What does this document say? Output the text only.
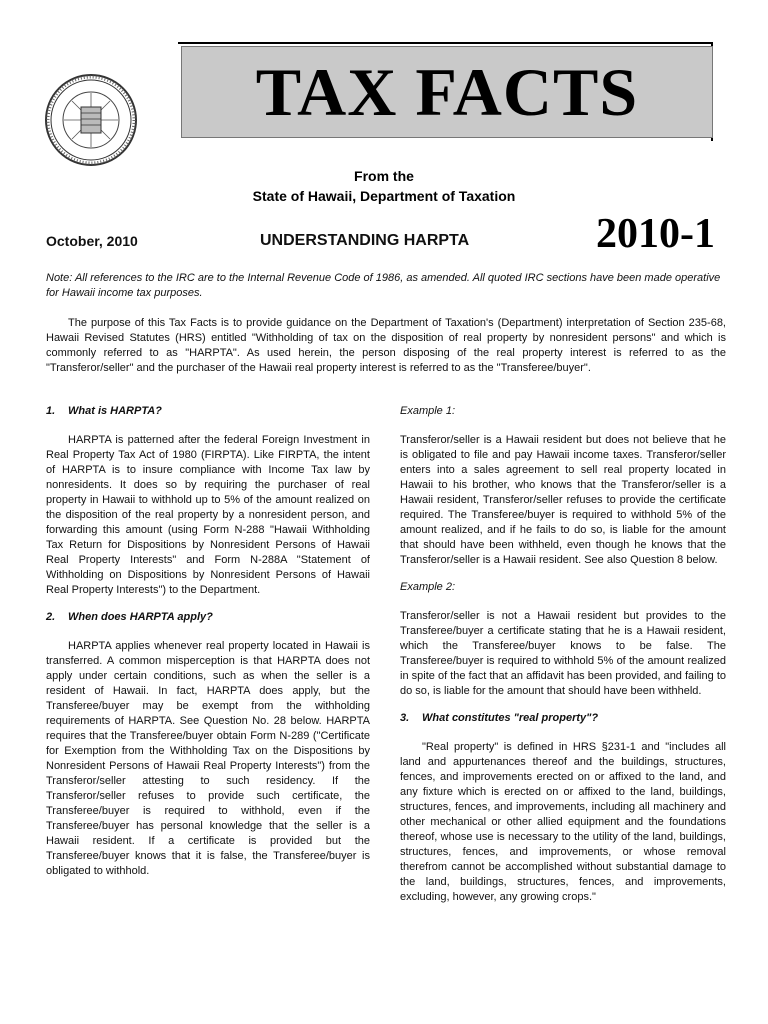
TAX FACTS
From the
State of Hawaii, Department of Taxation
October, 2010	UNDERSTANDING HARPTA	2010-1
Note: All references to the IRC are to the Internal Revenue Code of 1986, as amended. All quoted IRC sections have been made operative for Hawaii income tax purposes.
The purpose of this Tax Facts is to provide guidance on the Department of Taxation's (Department) interpretation of Section 235-68, Hawaii Revised Statutes (HRS) entitled "Withholding of tax on the disposition of real property by nonresident persons" and which is commonly referred to as "HARPTA". As used herein, the person disposing of the real property interest is referred to as the "Transferor/seller" and the purchaser of the Hawaii real property interest is referred to as the "Transferee/buyer".
1. What is HARPTA?

HARPTA is patterned after the federal Foreign Investment in Real Property Tax Act of 1980 (FIRPTA). Like FIRPTA, the intent of HARPTA is to insure compliance with Income Tax law by nonresidents. It does so by requiring the purchaser of real property in Hawaii to withhold up to 5% of the amount realized on the disposition of the real property by a nonresident person, and forwarding this amount (using Form N-288 "Hawaii Withholding Tax Return for Dispositions by Nonresident Persons of Hawaii Real Property Interests" and Form N-288A "Statement of Withholding on Dispositions by Nonresident Persons of Hawaii Real Property Interests") to the Department.

2. When does HARPTA apply?

HARPTA applies whenever real property located in Hawaii is transferred. A common misperception is that HARPTA does not apply under certain conditions, such as when the seller is a resident of Hawaii. In fact, HARPTA does apply, but the Transferee/buyer may be exempt from the withholding requirements of HARPTA. See Question No. 28 below. HARPTA requires that the Transferee/buyer obtain Form N-289 ("Certificate for Exemption from the Withholding Tax on the Dispositions by Nonresident Persons of Hawaii Real Property Interests") from the Transferor/seller attesting to such residency. If the Transferor/seller refuses to provide such certificate, the Transferee/buyer is required to withhold, even if the Transferee/buyer has personal knowledge that the seller is a Hawaii resident. If a certificate is provided but the Transferee/buyer knows that it is false, the Transferee/buyer is obligated to withhold.

Example 1:

Transferor/seller is a Hawaii resident but does not believe that he is obligated to file and pay Hawaii income taxes. Transferor/seller enters into a sales agreement to sell real property located in Hawaii to his brother, who knows that the Transferor/seller is a Hawaii resident, Transferor/seller refuses to provide the certificate required. The Transferee/buyer is required to withhold 5% of the amount realized, and if he fails to do so, is liable for the amount that should have been withheld, even though he knows that the Transferor/seller is a Hawaii resident. See also Question 8 below.

Example 2:

Transferor/seller is not a Hawaii resident but provides to the Transferee/buyer a certificate stating that he is a Hawaii resident, which the Transferee/buyer knows to be false. The Transferee/buyer is required to withhold 5% of the amount realized in spite of the fact that an affidavit has been provided, and failing to do so, is liable for the amount that should have been withheld.

3. What constitutes "real property"?

"Real property" is defined in HRS §231-1 and "includes all land and appurtenances thereof and the buildings, structures, fences, and improvements erected on or affixed to the land, and any fixture which is erected on or affixed to the land, buildings, structures, fences, and improvements, including all machinery and other mechanical or other allied equipment and the foundations thereof, whose use is necessary to the utility of the land, buildings, structures, fences, and improvements, or whose removal therefrom cannot be accomplished without substantial damage to the land, buildings, structures, fences, and improvements, excluding, however, any growing crops."
